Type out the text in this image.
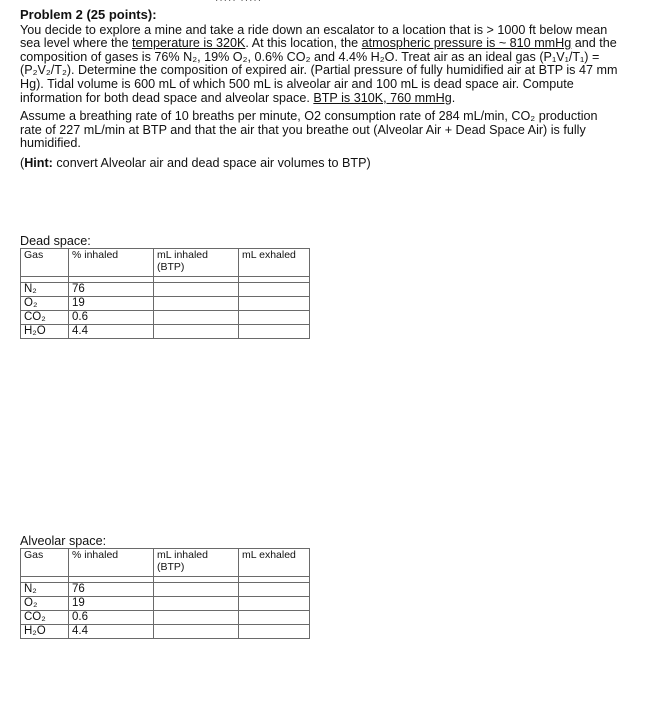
····· ·····
Problem 2 (25 points):

You decide to explore a mine and take a ride down an escalator to a location that is > 1000 ft below mean sea level where the temperature is 320K. At this location, the atmospheric pressure is ~ 810 mmHg and the composition of gases is 76% N₂, 19% O₂, 0.6% CO₂ and 4.4% H₂O. Treat air as an ideal gas (P₁V₁/T₁) = (P₂V₂/T₂). Determine the composition of expired air. (Partial pressure of fully humidified air at BTP is 47 mm Hg). Tidal volume is 600 mL of which 500 mL is alveolar air and 100 mL is dead space air. Compute information for both dead space and alveolar space. BTP is 310K, 760 mmHg.

Assume a breathing rate of 10 breaths per minute, O2 consumption rate of 284 mL/min, CO₂ production rate of 227 mL/min at BTP and that the air that you breathe out (Alveolar Air + Dead Space Air) is fully humidified.

(Hint: convert Alveolar air and dead space air volumes to BTP)

Dead space:
Gas	% inhaled	mL inhaled (BTP)	mL exhaled

N₂	76		
O₂	19		
CO₂	0.6		
H₂O	4.4		
Alveolar space:
Gas	% inhaled	mL inhaled (BTP)	mL exhaled

N₂	76		
O₂	19		
CO₂	0.6		
H₂O	4.4		
